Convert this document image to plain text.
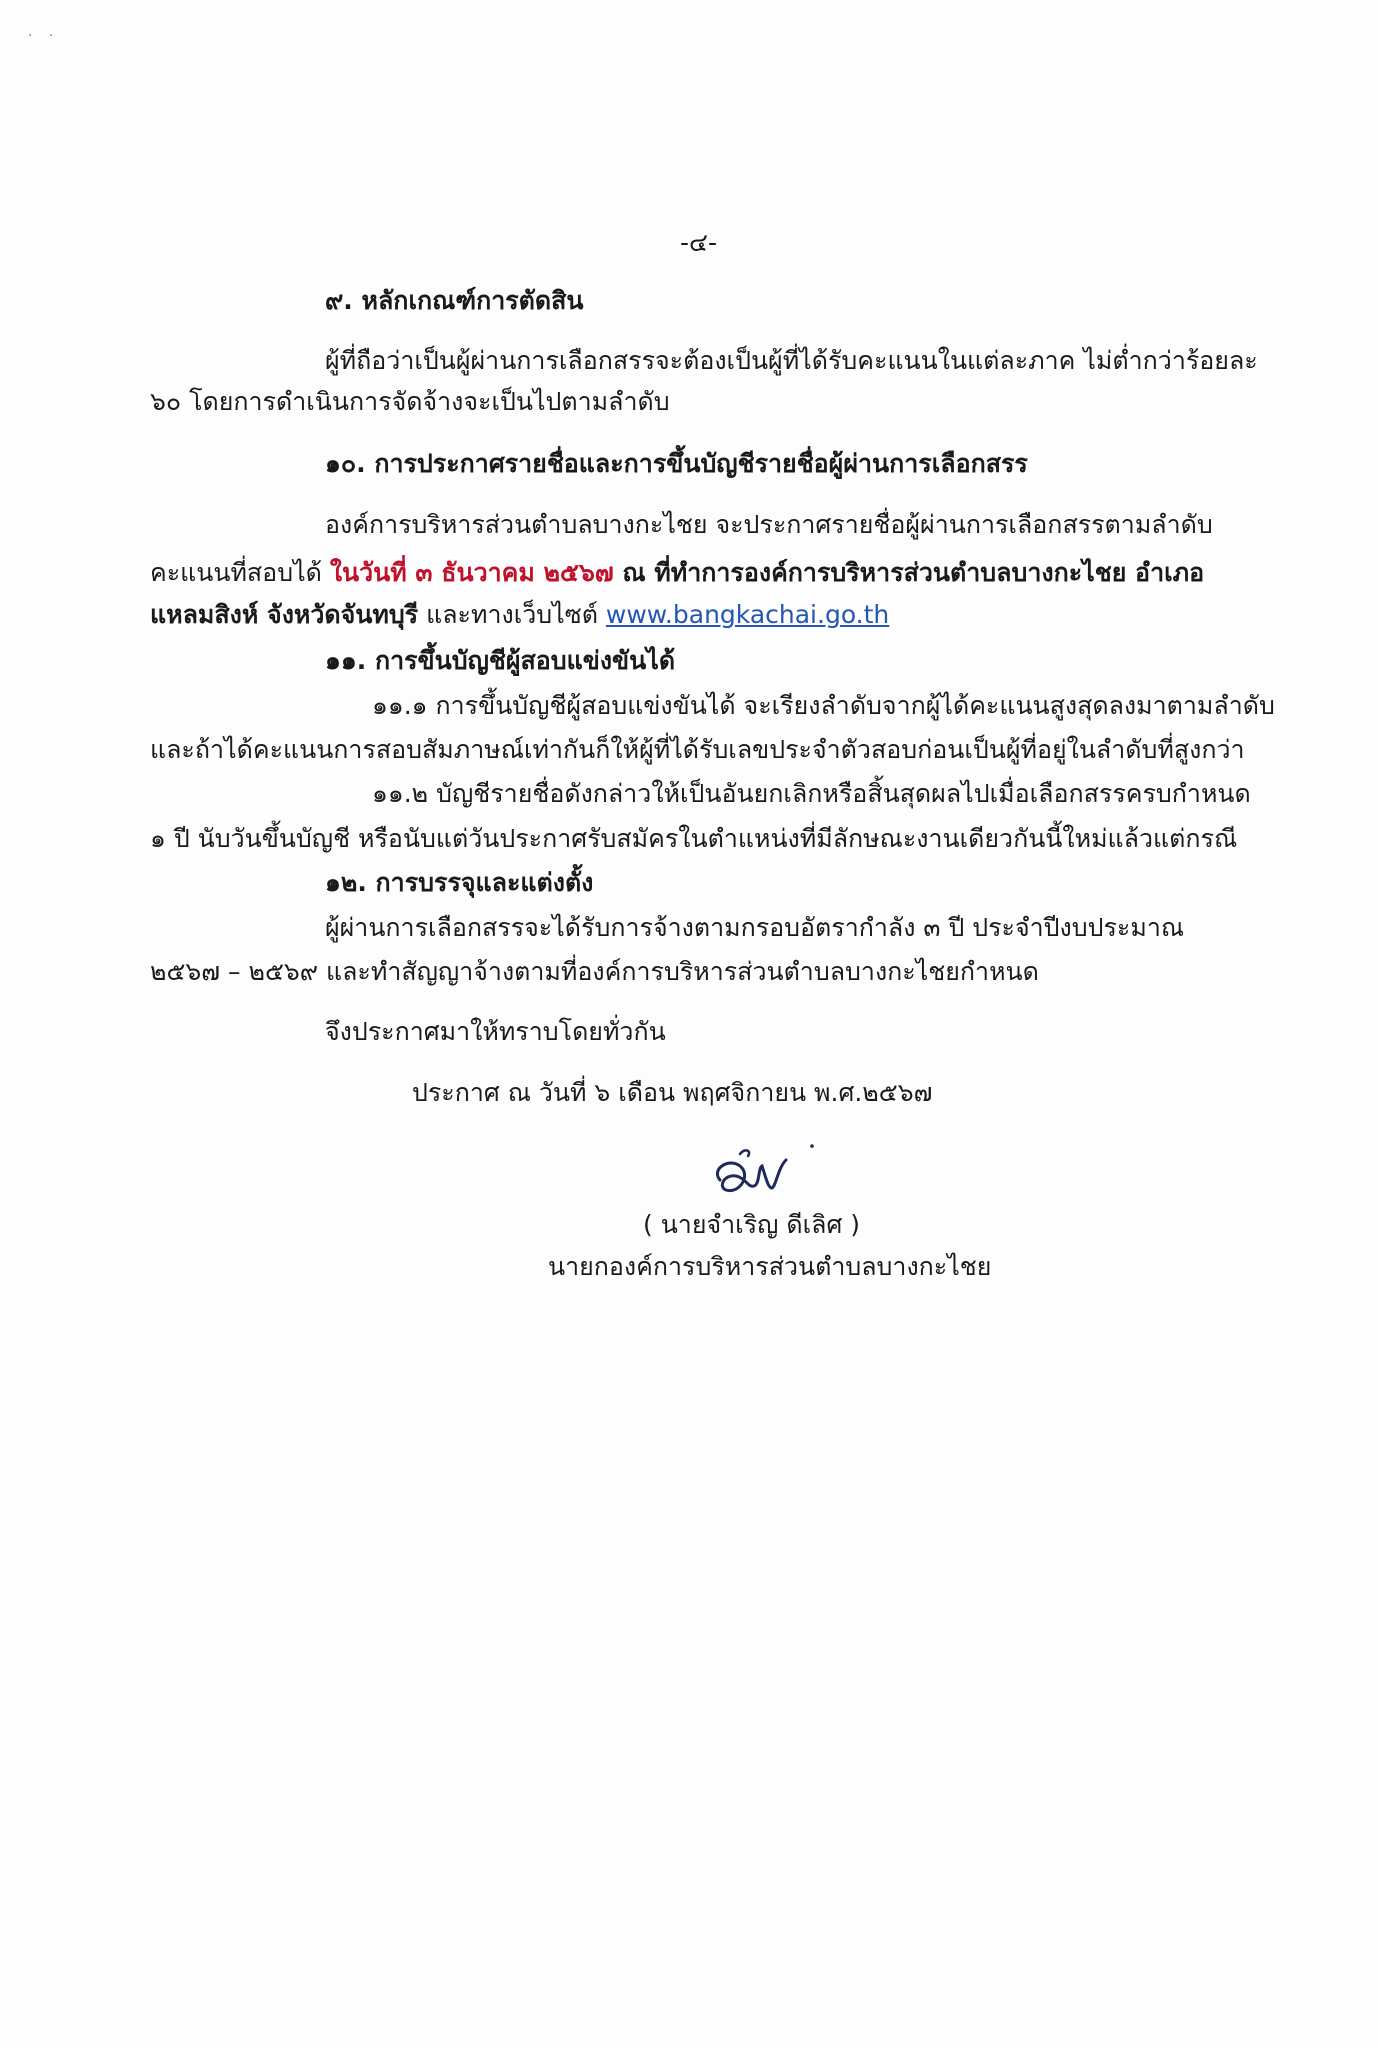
· ·
-๔-
๙. หลักเกณฑ์การตัดสิน
ผู้ที่ถือว่าเป็นผู้ผ่านการเลือกสรรจะต้องเป็นผู้ที่ได้รับคะแนนในแต่ละภาค ไม่ต่ำกว่าร้อยละ
๖๐ โดยการดำเนินการจัดจ้างจะเป็นไปตามลำดับ
๑๐. การประกาศรายชื่อและการขึ้นบัญชีรายชื่อผู้ผ่านการเลือกสรร
องค์การบริหารส่วนตำบลบางกะไชย จะประกาศรายชื่อผู้ผ่านการเลือกสรรตามลำดับ
คะแนนที่สอบได้ ในวันที่ ๓ ธันวาคม ๒๕๖๗ ณ ที่ทำการองค์การบริหารส่วนตำบลบางกะไชย อำเภอ
แหลมสิงห์ จังหวัดจันทบุรี และทางเว็บไซต์ www.bangkachai.go.th
๑๑. การขึ้นบัญชีผู้สอบแข่งขันได้
๑๑.๑ การขึ้นบัญชีผู้สอบแข่งขันได้ จะเรียงลำดับจากผู้ได้คะแนนสูงสุดลงมาตามลำดับ
และถ้าได้คะแนนการสอบสัมภาษณ์เท่ากันก็ให้ผู้ที่ได้รับเลขประจำตัวสอบก่อนเป็นผู้ที่อยู่ในลำดับที่สูงกว่า
๑๑.๒ บัญชีรายชื่อดังกล่าวให้เป็นอันยกเลิกหรือสิ้นสุดผลไปเมื่อเลือกสรรครบกำหนด
๑ ปี นับวันขึ้นบัญชี หรือนับแต่วันประกาศรับสมัครในตำแหน่งที่มีลักษณะงานเดียวกันนี้ใหม่แล้วแต่กรณี
๑๒. การบรรจุและแต่งตั้ง
ผู้ผ่านการเลือกสรรจะได้รับการจ้างตามกรอบอัตรากำลัง ๓ ปี ประจำปีงบประมาณ
๒๕๖๗ – ๒๕๖๙ และทำสัญญาจ้างตามที่องค์การบริหารส่วนตำบลบางกะไชยกำหนด
จึงประกาศมาให้ทราบโดยทั่วกัน
ประกาศ ณ วันที่ ๖ เดือน พฤศจิกายน พ.ศ.๒๕๖๗
( นายจำเริญ ดีเลิศ )
นายกองค์การบริหารส่วนตำบลบางกะไชย
